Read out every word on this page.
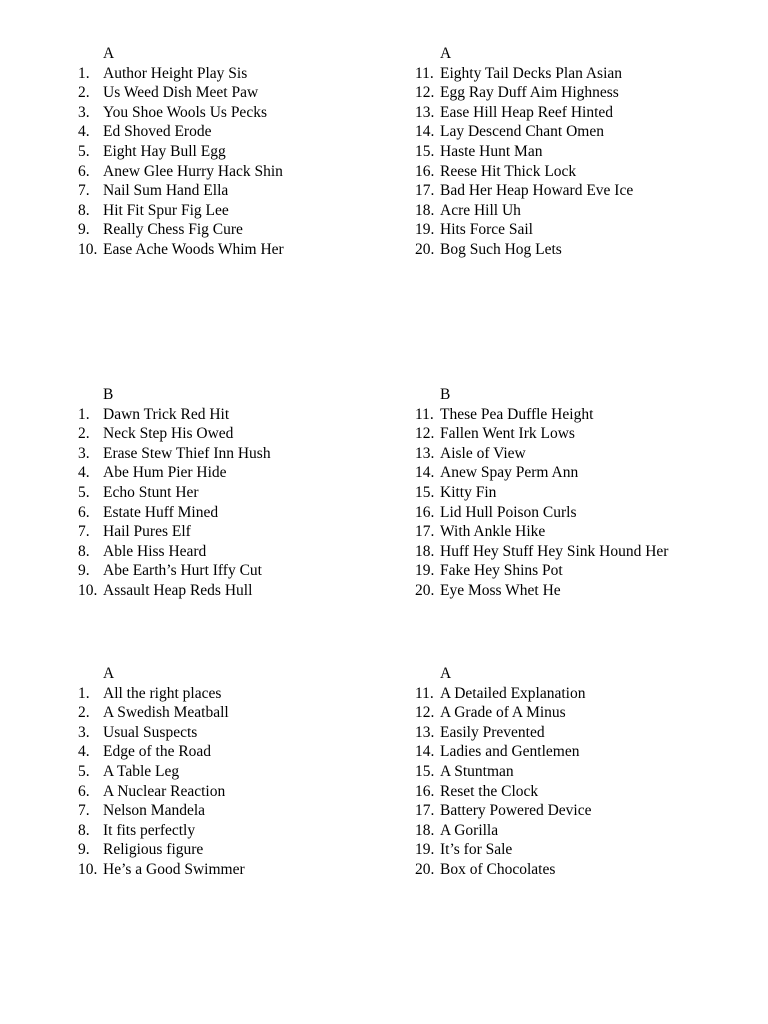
A
1. Author Height Play Sis
2. Us Weed Dish Meet Paw
3. You Shoe Wools Us Pecks
4. Ed Shoved Erode
5. Eight Hay Bull Egg
6. Anew Glee Hurry Hack Shin
7. Nail Sum Hand Ella
8. Hit Fit Spur Fig Lee
9. Really Chess Fig Cure
10. Ease Ache Woods Whim Her
A
11. Eighty Tail Decks Plan Asian
12. Egg Ray Duff Aim Highness
13. Ease Hill Heap Reef Hinted
14. Lay Descend Chant Omen
15. Haste Hunt Man
16. Reese Hit Thick Lock
17. Bad Her Heap Howard Eve Ice
18. Acre Hill Uh
19. Hits Force Sail
20. Bog Such Hog Lets
B
1. Dawn Trick Red Hit
2. Neck Step His Owed
3. Erase Stew Thief Inn Hush
4. Abe Hum Pier Hide
5. Echo Stunt Her
6. Estate Huff Mined
7. Hail Pures Elf
8. Able Hiss Heard
9. Abe Earth’s Hurt Iffy Cut
10. Assault Heap Reds Hull
B
11. These Pea Duffle Height
12. Fallen Went Irk Lows
13. Aisle of View
14. Anew Spay Perm Ann
15. Kitty Fin
16. Lid Hull Poison Curls
17. With Ankle Hike
18. Huff Hey Stuff Hey Sink Hound Her
19. Fake Hey Shins Pot
20. Eye Moss Whet He
A
1. All the right places
2. A Swedish Meatball
3. Usual Suspects
4. Edge of the Road
5. A Table Leg
6. A Nuclear Reaction
7. Nelson Mandela
8. It fits perfectly
9. Religious figure
10. He’s a Good Swimmer
A
11. A Detailed Explanation
12. A Grade of A Minus
13. Easily Prevented
14. Ladies and Gentlemen
15. A Stuntman
16. Reset the Clock
17. Battery Powered Device
18. A Gorilla
19. It’s for Sale
20. Box of Chocolates
